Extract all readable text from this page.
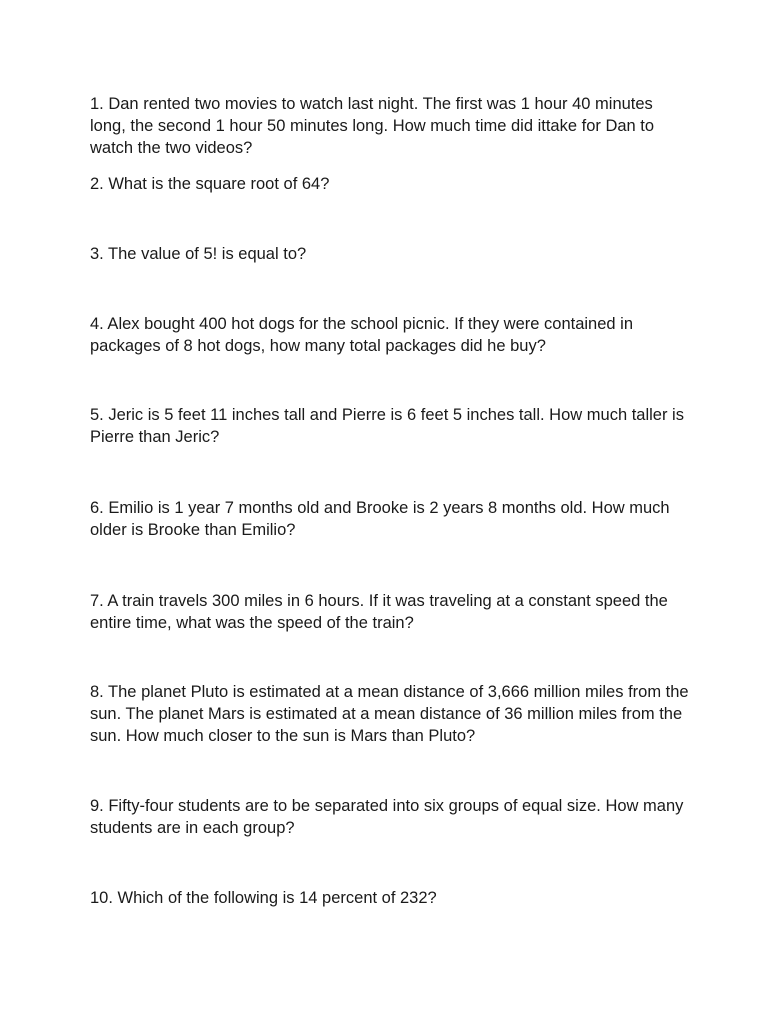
1. Dan rented two movies to watch last night. The first was 1 hour 40 minutes long, the second 1 hour 50 minutes long. How much time did ittake for Dan to watch the two videos?

2. What is the square root of 64?

3. The value of 5! is equal to?

4. Alex bought 400 hot dogs for the school picnic. If they were contained in packages of 8 hot dogs, how many total packages did he buy?

5. Jeric is 5 feet 11 inches tall and Pierre is 6 feet 5 inches tall. How much taller is Pierre than Jeric?

6. Emilio is 1 year 7 months old and Brooke is 2 years 8 months old. How much older is Brooke than Emilio?

7. A train travels 300 miles in 6 hours. If it was traveling at a constant speed the entire time, what was the speed of the train?

8. The planet Pluto is estimated at a mean distance of 3,666 million miles from the sun. The planet Mars is estimated at a mean distance of 36 million miles from the sun. How much closer to the sun is Mars than Pluto?

9. Fifty-four students are to be separated into six groups of equal size. How many students are in each group?

10. Which of the following is 14 percent of 232?
